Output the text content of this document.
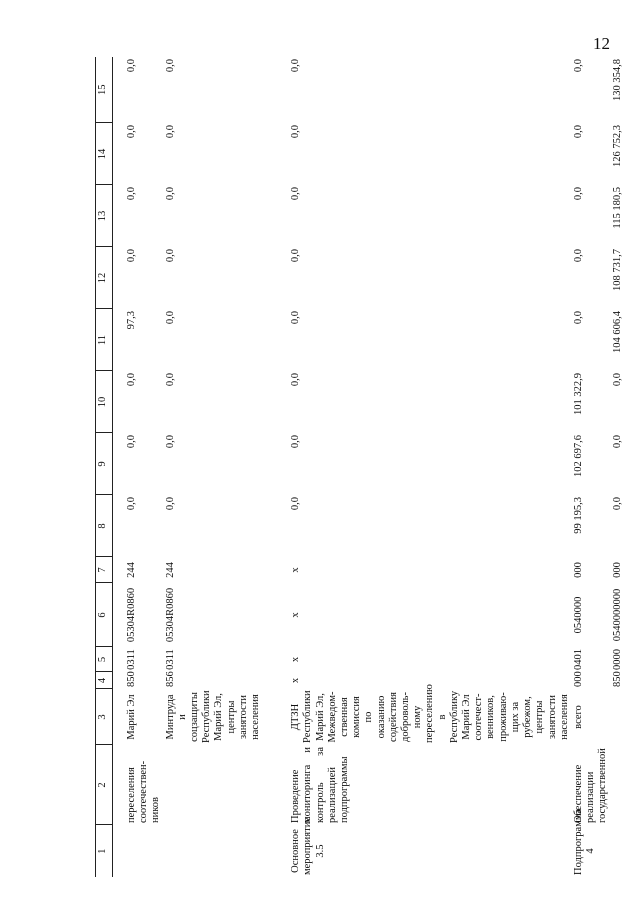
12
1	2	3	4	5	6	7	8	9	10	11	12	13	14	15

	переселения соотечествен-ников	Марий Эл	850	0311	05304R0860	244	0,0	0,0	0,0	97,3	0,0	0,0	0,0	0,0
		Минтруда и соцзащиты Республики Марий Эл, центры занятости населения	856	0311	05304R0860	244	0,0	0,0	0,0	0,0	0,0	0,0	0,0	0,0

Основное мероприятие 3.5	Проведение мониторинга и контроль за реализацией подпрограммы	ДТЗН Республики Марий Эл, Межведом-ственная комиссия по оказанию содействия доброволь-ному переселению в Республику Марий Эл соотечест-венников, проживаю-щих за рубежом, центры занятости населения	x	x	x	x	0,0	0,0	0,0	0,0	0,0	0,0	0,0	0,0
Подпрограмма 4	Обеспечение реализации государственной	всего	000	0401	0540000	000	99 195,3	102 697,6	101 322,9	0,0	0,0	0,0	0,0	0,0
			850	0000	0540000000	000	0,0	0,0	0,0	104 606,4	108 731,7	115 180,5	126 752,3	130 354,8
